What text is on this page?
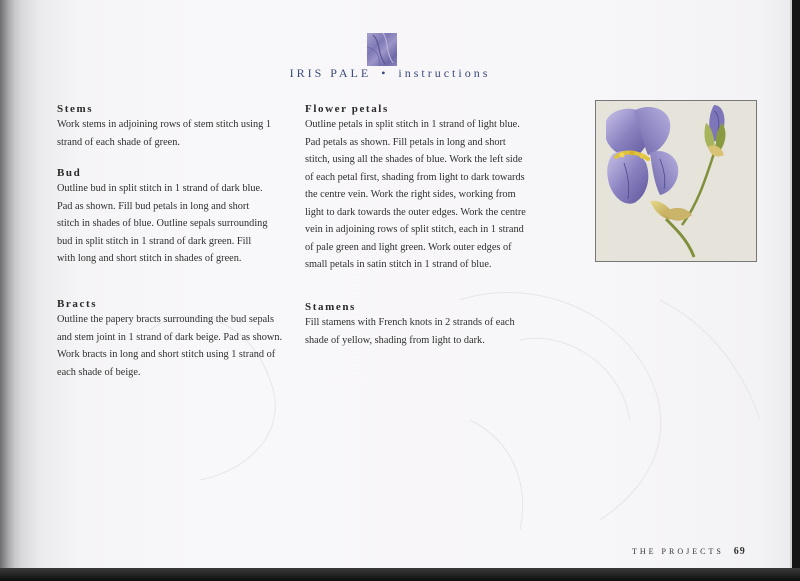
IRIS PALE • instructions
Stems
Work stems in adjoining rows of stem stitch using 1 strand of each shade of green.
Bud
Outline bud in split stitch in 1 strand of dark blue. Pad as shown. Fill bud petals in long and short stitch in shades of blue. Outline sepals surrounding bud in split stitch in 1 strand of dark green. Fill with long and short stitch in shades of green.
Bracts
Outline the papery bracts surrounding the bud sepals and stem joint in 1 strand of dark beige. Pad as shown. Work bracts in long and short stitch using 1 strand of each shade of beige.
Flower petals
Outline petals in split stitch in 1 strand of light blue. Pad petals as shown. Fill petals in long and short stitch, using all the shades of blue. Work the left side of each petal first, shading from light to dark towards the centre vein. Work the right sides, working from light to dark towards the outer edges. Work the centre vein in adjoining rows of split stitch, each in 1 strand of pale green and light green. Work outer edges of small petals in satin stitch in 1 strand of blue.
Stamens
Fill stamens with French knots in 2 strands of each shade of yellow, shading from light to dark.
THE PROJECTS 69
